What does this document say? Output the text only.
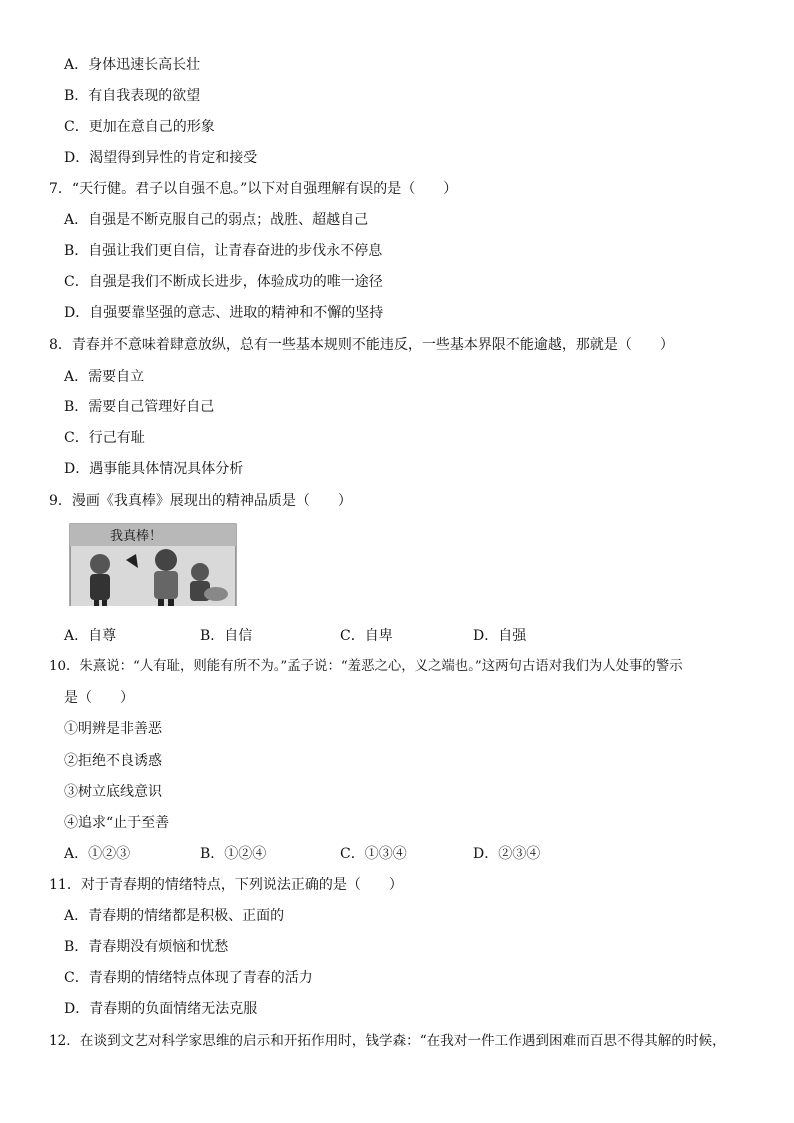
A．身体迅速长高长壮
B．有自我表现的欲望
C．更加在意自己的形象
D．渴望得到异性的肯定和接受
7．“天行健。君子以自强不息。”以下对自强理解有误的是（　　）
A．自强是不断克服自己的弱点；战胜、超越自己
B．自强让我们更自信，让青春奋进的步伐永不停息
C．自强是我们不断成长进步，体验成功的唯一途径
D．自强要靠坚强的意志、进取的精神和不懈的坚持
8．青春并不意味着肆意放纵，总有一些基本规则不能违反，一些基本界限不能逾越，那就是（　　）
A．需要自立
B．需要自己管理好自己
C．行己有耻
D．遇事能具体情况具体分析
9．漫画《我真棒》展现出的精神品质是（　　）
我真棒！
A．自尊	B．自信	C．自卑	D．自强
10．朱熹说：“人有耻，则能有所不为。”孟子说：“羞恶之心，义之端也。”这两句古语对我们为人处事的警示
是（　　）
①明辨是非善恶
②拒绝不良诱惑
③树立底线意识
④追求“止于至善
A．①②③	B．①②④	C．①③④	D．②③④
11．对于青春期的情绪特点，下列说法正确的是（　　）
A．青春期的情绪都是积极、正面的
B．青春期没有烦恼和忧愁
C．青春期的情绪特点体现了青春的活力
D．青春期的负面情绪无法克服
12．在谈到文艺对科学家思维的启示和开拓作用时，钱学森：“在我对一件工作遇到困难而百思不得其解的时候，
